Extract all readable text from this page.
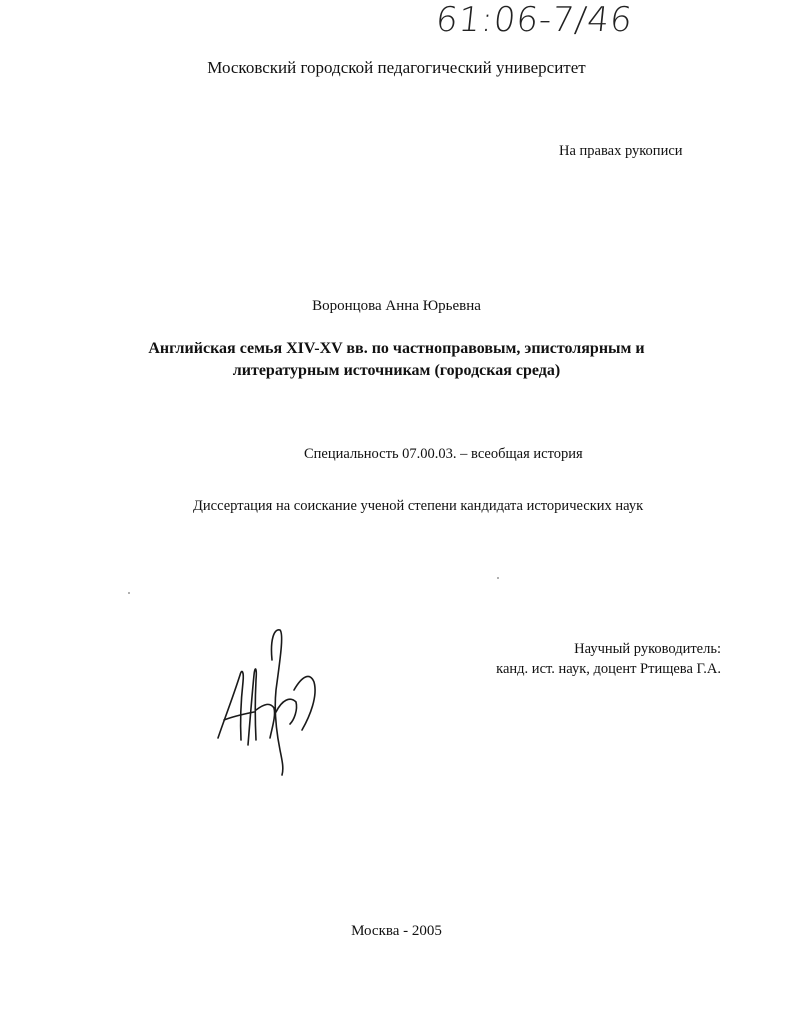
61:06-7/46
Московский городской педагогический университет
На правах рукописи
Воронцова Анна Юрьевна
Английская семья XIV-XV вв. по частноправовым, эпистолярным и
литературным источникам (городская среда)
Специальность 07.00.03. – всеобщая история
Диссертация на соискание ученой степени кандидата исторических наук
Научный руководитель:
канд. ист. наук, доцент Ртищева Г.А.
Москва - 2005
